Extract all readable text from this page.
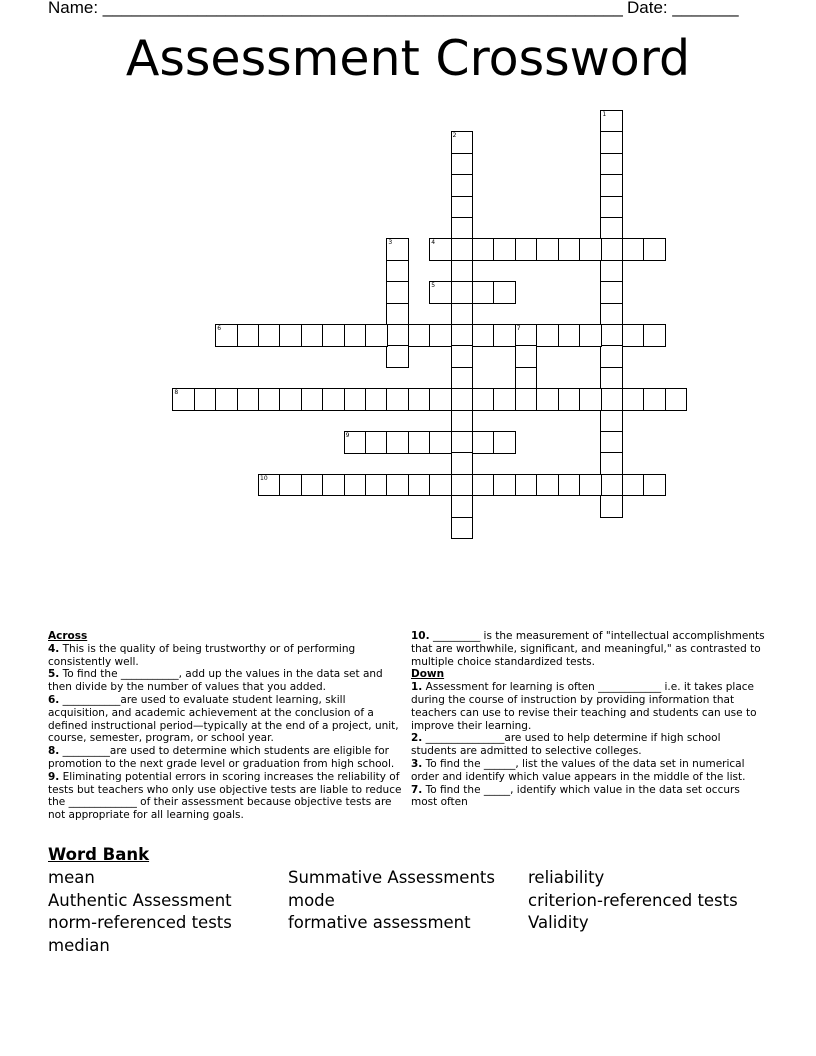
Name: _______________________________________________________ Date: _______
Assessment Crossword
1
2
3	4
5
6	7
8
9
10

Across

4. This is the quality of being trustworthy or of performing consistently well.

5. To find the ___________, add up the values in the data set and then divide by the number of values that you added.

6. ___________are used to evaluate student learning, skill acquisition, and academic achievement at the conclusion of a defined instructional period—typically at the end of a project, unit, course, semester, program, or school year.

8. _________are used to determine which students are eligible for promotion to the next grade level or graduation from high school.

9. Eliminating potential errors in scoring increases the reliability of tests but teachers who only use objective tests are liable to reduce the _____________ of their assessment because objective tests are not appropriate for all learning goals.

10. _________ is the measurement of "intellectual accomplishments that are worthwhile, significant, and meaningful," as contrasted to multiple choice standardized tests.

Down

1. Assessment for learning is often ____________ i.e. it takes place during the course of instruction by providing information that teachers can use to revise their teaching and students can use to improve their learning.

2. _______________are used to help determine if high school students are admitted to selective colleges.

3. To find the ______, list the values of the data set in numerical order and identify which value appears in the middle of the list.

7. To find the _____, identify which value in the data set occurs most often

Word Bank
mean	Summative Assessments reliability
Authentic Assessment	mode	criterion-referenced tests
norm-referenced tests	formative assessment	Validity
median
